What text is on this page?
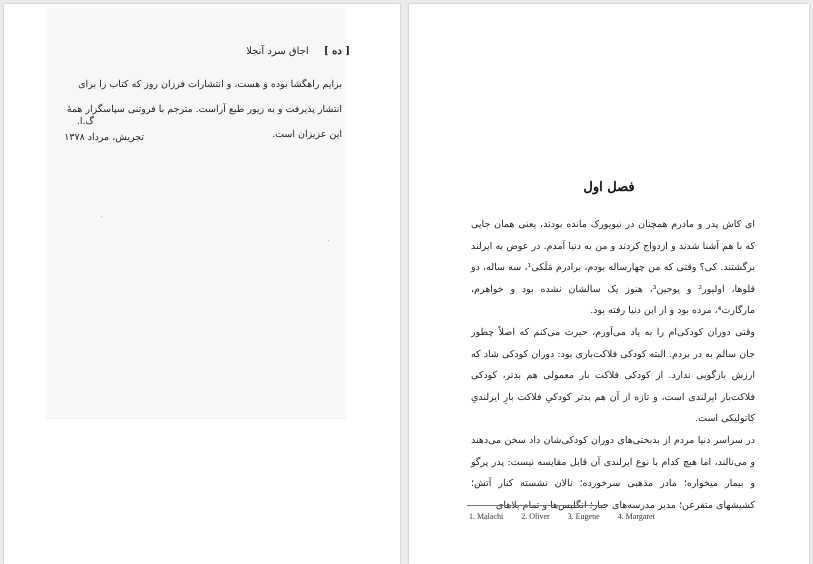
[ ده ] اجاق سرد آنجلا
برایم راهگشا بوده و هست، و انتشارات فرزان روز که کتاب را برای انتشار پذیرفت و به زیور طبع آراست. مترجم با فروتنی سپاسگزار همهٔ این عزیزان است.
گ.ا.
تجریش، مرداد ۱۳۷۸
فصل اول

ای کاش پدر و مادرم همچنان در نیویورک مانده بودند، یعنی همان جایی که با هم آشنا شدند و ازدواج کردند و من به دنیا آمدم. در عوض به ایرلند برگشتند. کی؟ وقتی که من چهارساله بودم، برادرم مَلَکی¹، سه ساله، دو قلوها، اولیور² و یوجین³، هنوز یک سالشان نشده بود و خواهرم، مارگارت⁴، مرده بود و از این دنیا رفته بود.

وقتی دوران کودکی‌ام را به یاد می‌آورم، حیرت می‌کنم که اصلاً چطور جان سالم به در بردم. البته کودکی فلاکت‌باری بود: دوران کودکی شاد که ارزش بازگویی ندارد. از کودکی فلاکت بار معمولی هم بدتر، کودکی فلاکت‌بار ایرلندی است، و تازه از آن هم بدتر کودکیِ فلاکت بارِ ایرلندیِ کاتولیکی است.

در سراسر دنیا مردم از بدبختی‌های دوران کودکی‌شان داد سخن می‌دهند و می‌نالند، اما هیچ کدام با نوع ایرلندی آن قابل مقایسه نیست: پدر پرگو و بیمار میخواره؛ مادر مذهبی سرخورده؛ نالان نشسته کنار آتش؛ کشیشهای متفرعن؛ مدیر مدرسه‌های جبار؛ انگلیس‌ها و تمام بلاهای

1. Malachi 2. Oliver 3. Eugene 4. Margaret
